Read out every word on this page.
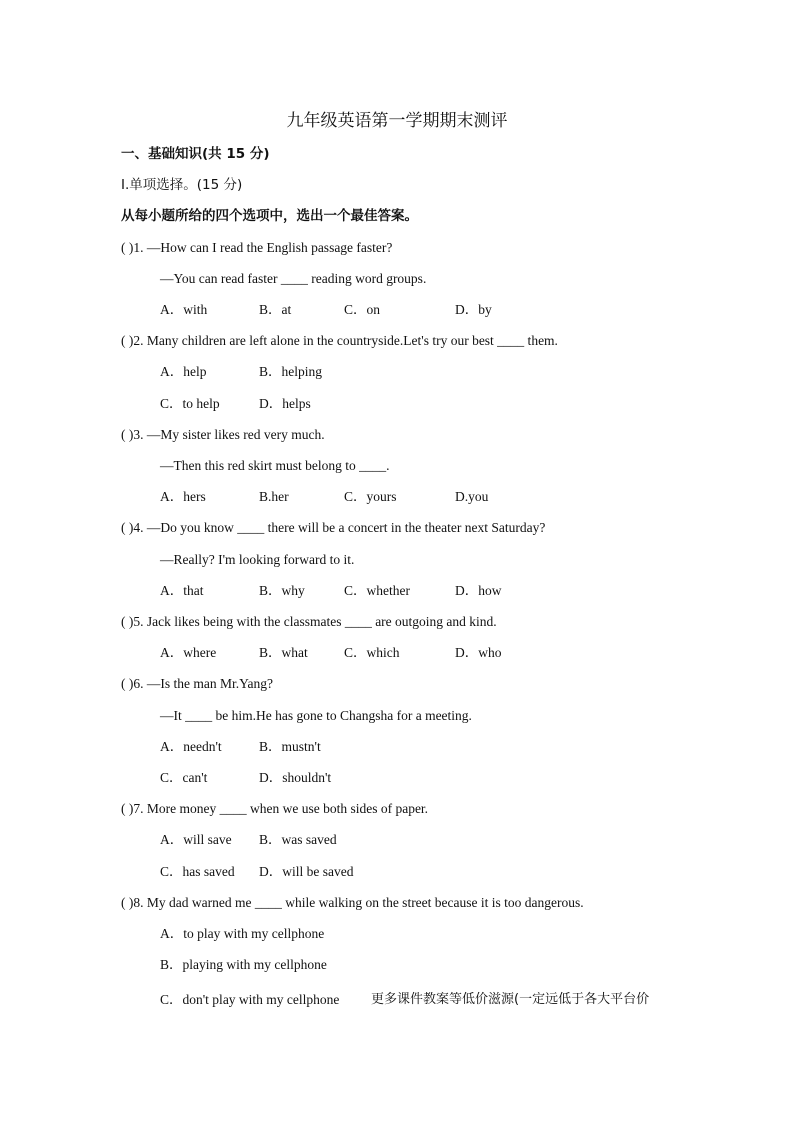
九年级英语第一学期期末测评
一、基础知识(共 15 分)
Ⅰ.单项选择。(15 分)
从每小题所给的四个选项中，选出一个最佳答案。
( )1. —How can I read the English passage faster?
—You can read faster ____ reading word groups.
A．with	B．at	C．on	D．by
( )2. Many children are left alone in the countryside.Let's try our best ____ them.
A．help	B．helping
C．to help	D．helps
( )3. —My sister likes red very much.
—Then this red skirt must belong to ____.
A．hers	B.her	C．yours	D.you
( )4. —Do you know ____ there will be a concert in the theater next Saturday?
—Really? I'm looking forward to it.
A．that	B．why	C．whether	D．how
( )5. Jack likes being with the classmates ____ are outgoing and kind.
A．where	B．what	C．which	D．who
( )6. —Is the man Mr.Yang?
—It ____ be him.He has gone to Changsha for a meeting.
A．needn't	B．mustn't
C．can't	D．shouldn't
( )7. More money ____ when we use both sides of paper.
A．will save B．was saved
C．has saved D．will be saved
( )8. My dad warned me ____ while walking on the street because it is too dangerous.
A．to play with my cellphone
B．playing with my cellphone
C．don't play with my cellphone 更多课件教案等低价滋源(一定远低于各大平台价
